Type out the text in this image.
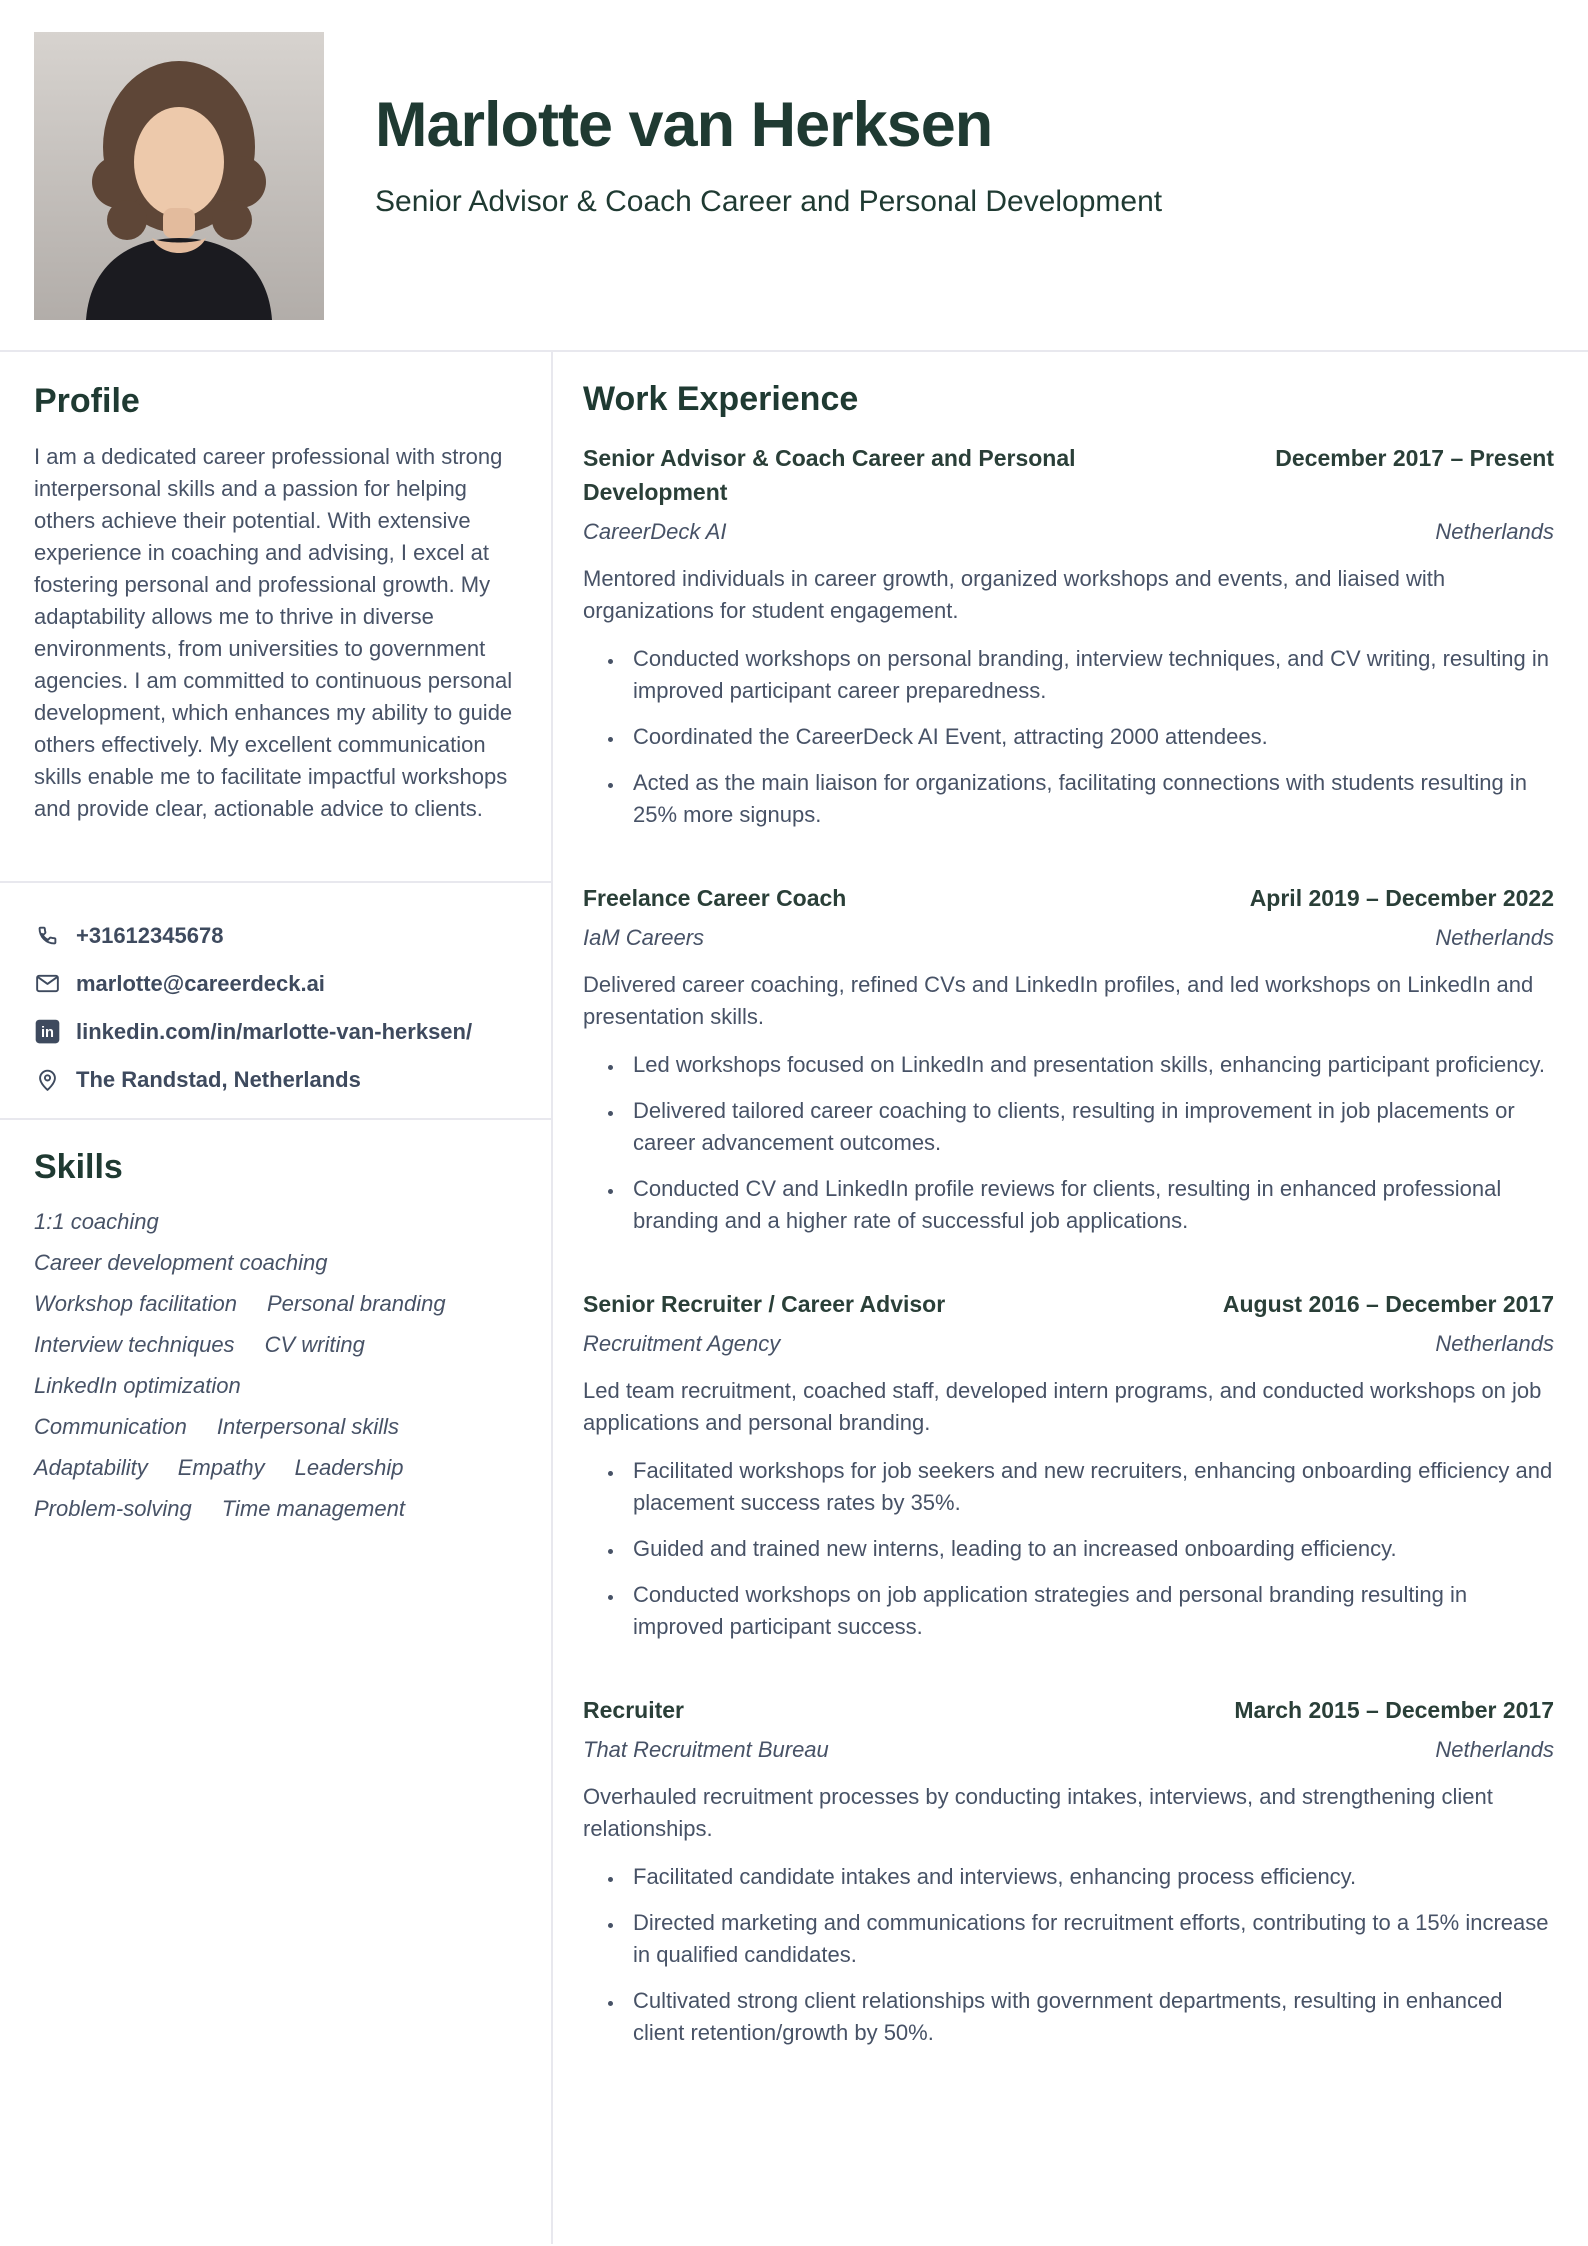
Marlotte van Herksen
Senior Advisor & Coach Career and Personal Development
Profile

I am a dedicated career professional with strong interpersonal skills and a passion for helping others achieve their potential. With extensive experience in coaching and advising, I excel at fostering personal and professional growth. My adaptability allows me to thrive in diverse environments, from universities to government agencies. I am committed to continuous personal development, which enhances my ability to guide others effectively. My excellent communication skills enable me to facilitate impactful workshops and provide clear, actionable advice to clients.

+31612345678
marlotte@careerdeck.ai
in linkedin.com/in/marlotte-van-herksen/
The Randstad, Netherlands
Skills
1:1 coaching
Career development coaching
Workshop facilitation Personal branding
Interview techniques CV writing
LinkedIn optimization
Communication Interpersonal skills
Adaptability Empathy Leadership
Problem-solving Time management
Work Experience
Senior Advisor & Coach Career and Personal Development
December 2017 – Present
CareerDeck AI	Netherlands

Mentored individuals in career growth, organized workshops and events, and liaised with organizations for student engagement.

• Conducted workshops on personal branding, interview techniques, and CV writing, resulting in improved participant career preparedness.
• Coordinated the CareerDeck AI Event, attracting 2000 attendees.
• Acted as the main liaison for organizations, facilitating connections with students resulting in 25% more signups.
Freelance Career Coach	April 2019 – December 2022
IaM Careers	Netherlands

Delivered career coaching, refined CVs and LinkedIn profiles, and led workshops on LinkedIn and presentation skills.

• Led workshops focused on LinkedIn and presentation skills, enhancing participant proficiency.
• Delivered tailored career coaching to clients, resulting in improvement in job placements or career advancement outcomes.
• Conducted CV and LinkedIn profile reviews for clients, resulting in enhanced professional branding and a higher rate of successful job applications.
Senior Recruiter / Career Advisor	August 2016 – December 2017
Recruitment Agency	Netherlands

Led team recruitment, coached staff, developed intern programs, and conducted workshops on job applications and personal branding.

• Facilitated workshops for job seekers and new recruiters, enhancing onboarding efficiency and placement success rates by 35%.
• Guided and trained new interns, leading to an increased onboarding efficiency.
• Conducted workshops on job application strategies and personal branding resulting in improved participant success.
Recruiter	March 2015 – December 2017
That Recruitment Bureau	Netherlands

Overhauled recruitment processes by conducting intakes, interviews, and strengthening client relationships.

• Facilitated candidate intakes and interviews, enhancing process efficiency.
• Directed marketing and communications for recruitment efforts, contributing to a 15% increase in qualified candidates.
• Cultivated strong client relationships with government departments, resulting in enhanced client retention/growth by 50%.
